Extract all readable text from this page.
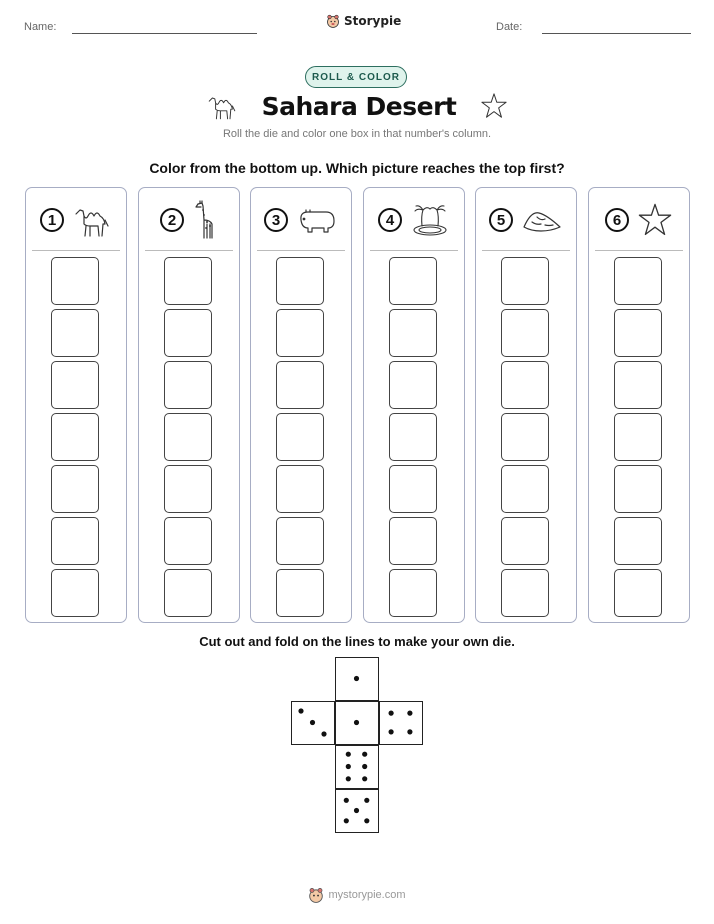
Name:	Storypie	Date:
ROLL & COLOR
Sahara Desert
Roll the die and color one box in that number's column.
Color from the bottom up. Which picture reaches the top first?
1	2	3	4	5	6
Cut out and fold on the lines to make your own die.
mystorypie.com
